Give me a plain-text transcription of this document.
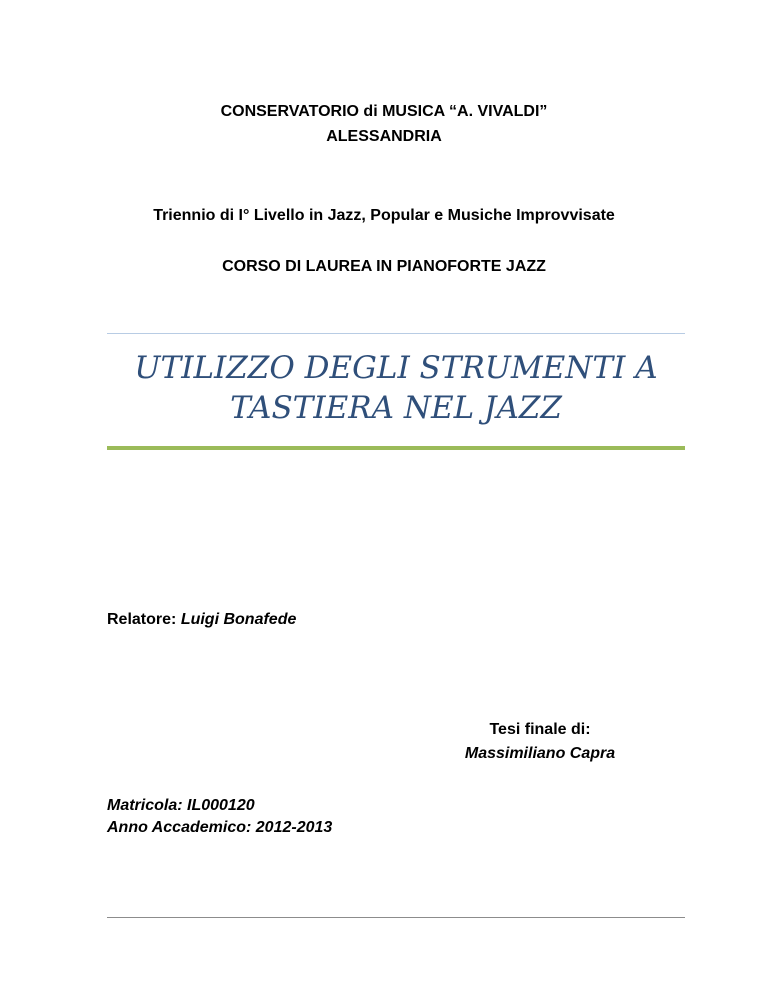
CONSERVATORIO di MUSICA “A. VIVALDI”
ALESSANDRIA
Triennio di I° Livello in Jazz, Popular e Musiche Improvvisate
CORSO DI LAUREA IN PIANOFORTE JAZZ
UTILIZZO DEGLI STRUMENTI A
TASTIERA NEL JAZZ
Relatore: Luigi Bonafede
Tesi finale di:
Massimiliano Capra
Matricola: IL000120
Anno Accademico: 2012-2013
